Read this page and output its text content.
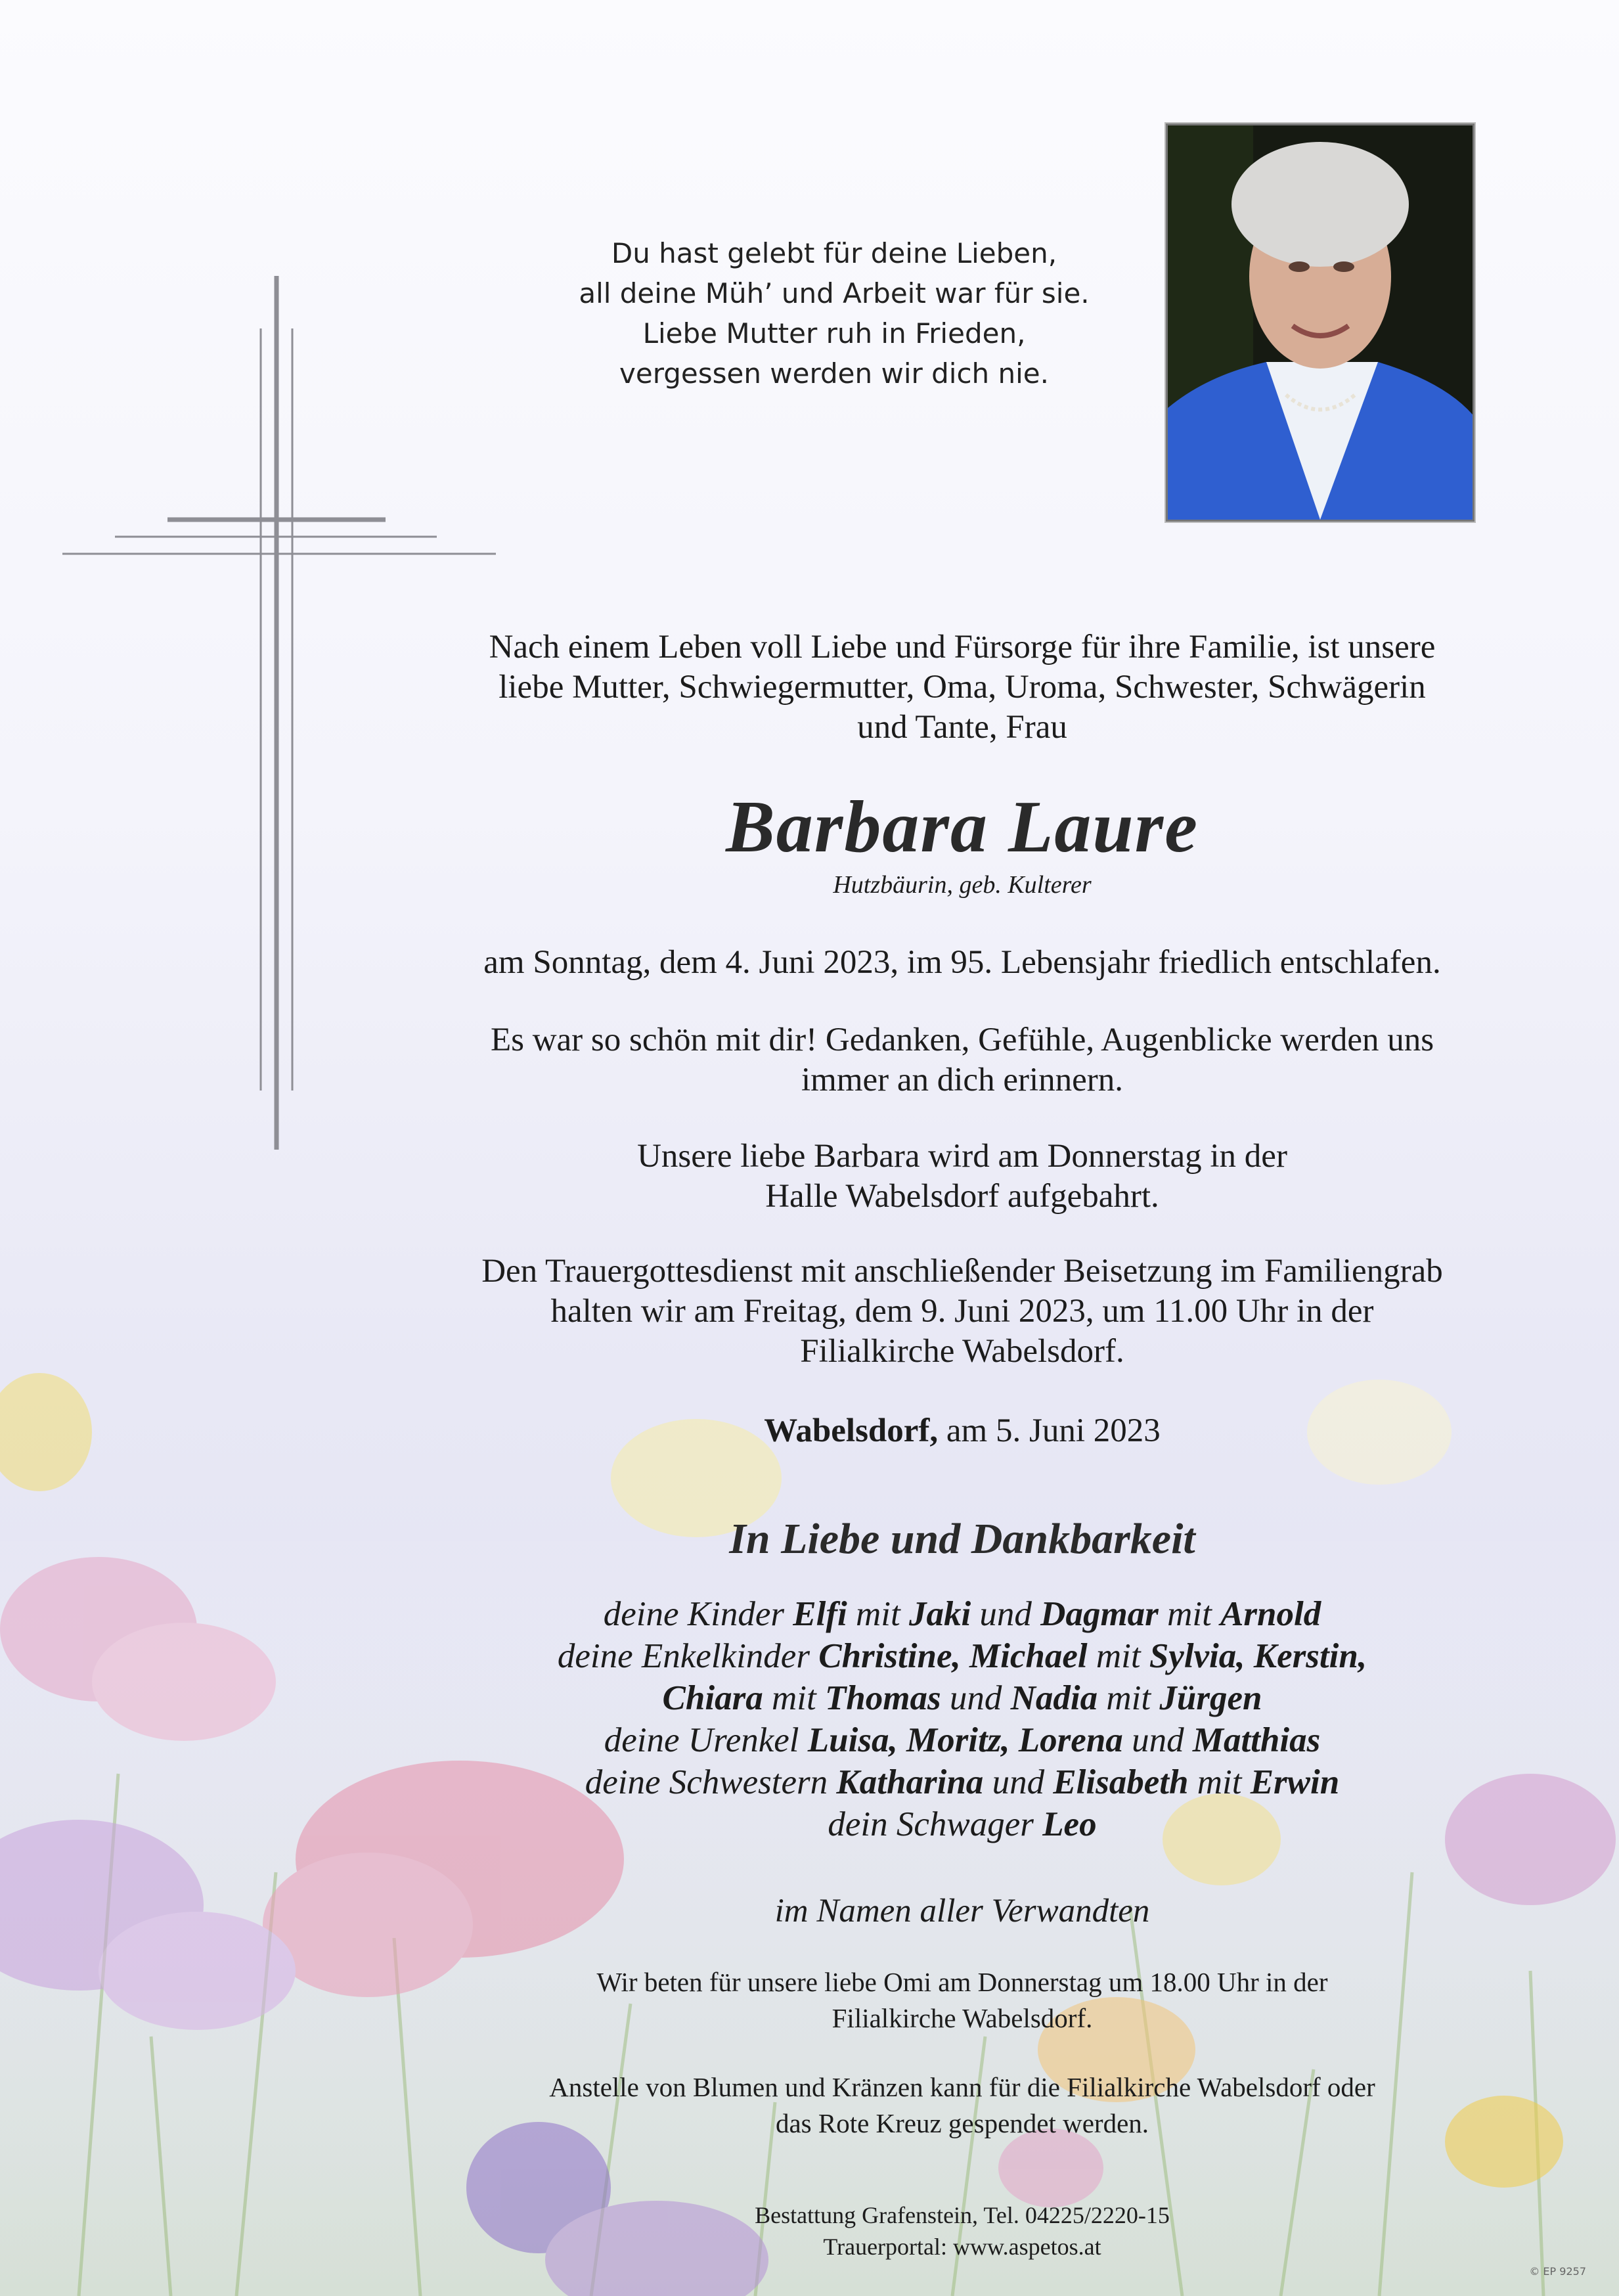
Du hast gelebt für deine Lieben,
all deine Müh’ und Arbeit war für sie.
Liebe Mutter ruh in Frieden,
vergessen werden wir dich nie.
Nach einem Leben voll Liebe und Fürsorge für ihre Familie, ist unsere
liebe Mutter, Schwiegermutter, Oma, Uroma, Schwester, Schwägerin
und Tante, Frau
Barbara Laure
Hutzbäurin, geb. Kulterer
am Sonntag, dem 4. Juni 2023, im 95. Lebensjahr friedlich entschlafen.
Es war so schön mit dir! Gedanken, Gefühle, Augenblicke werden uns
immer an dich erinnern.
Unsere liebe Barbara wird am Donnerstag in der
Halle Wabelsdorf aufgebahrt.
Den Trauergottesdienst mit anschließender Beisetzung im Familiengrab
halten wir am Freitag, dem 9. Juni 2023, um 11.00 Uhr in der
Filialkirche Wabelsdorf.
Wabelsdorf, am 5. Juni 2023
In Liebe und Dankbarkeit
deine Kinder Elfi mit Jaki und Dagmar mit Arnold
deine Enkelkinder Christine, Michael mit Sylvia, Kerstin,
Chiara mit Thomas und Nadia mit Jürgen
deine Urenkel Luisa, Moritz, Lorena und Matthias
deine Schwestern Katharina und Elisabeth mit Erwin
dein Schwager Leo
im Namen aller Verwandten
Wir beten für unsere liebe Omi am Donnerstag um 18.00 Uhr in der
Filialkirche Wabelsdorf.
Anstelle von Blumen und Kränzen kann für die Filialkirche Wabelsdorf oder
das Rote Kreuz gespendet werden.
Bestattung Grafenstein, Tel. 04225/2220-15
Trauerportal: www.aspetos.at
© EP 9257
